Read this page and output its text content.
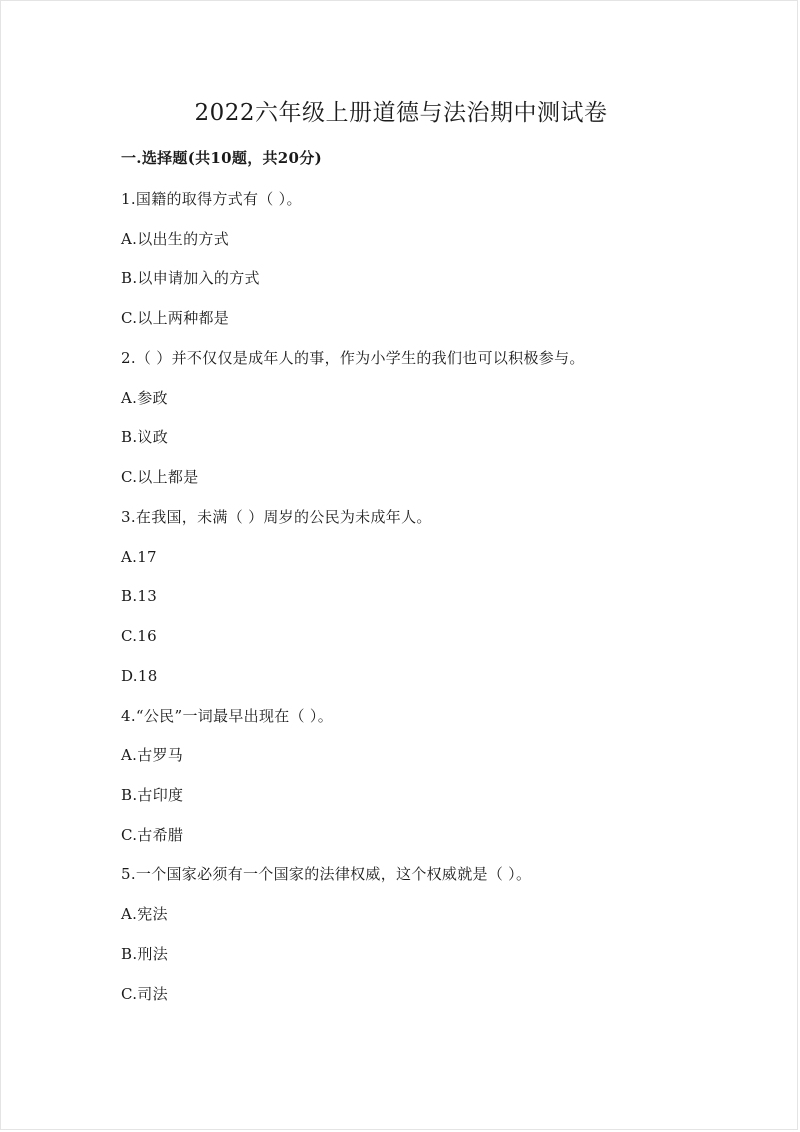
2022六年级上册道德与法治期中测试卷

一.选择题(共10题，共20分)

1.国籍的取得方式有（ ）。

A.以出生的方式

B.以申请加入的方式

C.以上两种都是

2.（ ）并不仅仅是成年人的事，作为小学生的我们也可以积极参与。

A.参政

B.议政

C.以上都是

3.在我国，未满（ ）周岁的公民为未成年人。

A.17

B.13

C.16

D.18

4.“公民”一词最早出现在（ ）。

A.古罗马

B.古印度

C.古希腊

5.一个国家必须有一个国家的法律权威，这个权威就是（ ）。

A.宪法

B.刑法

C.司法
